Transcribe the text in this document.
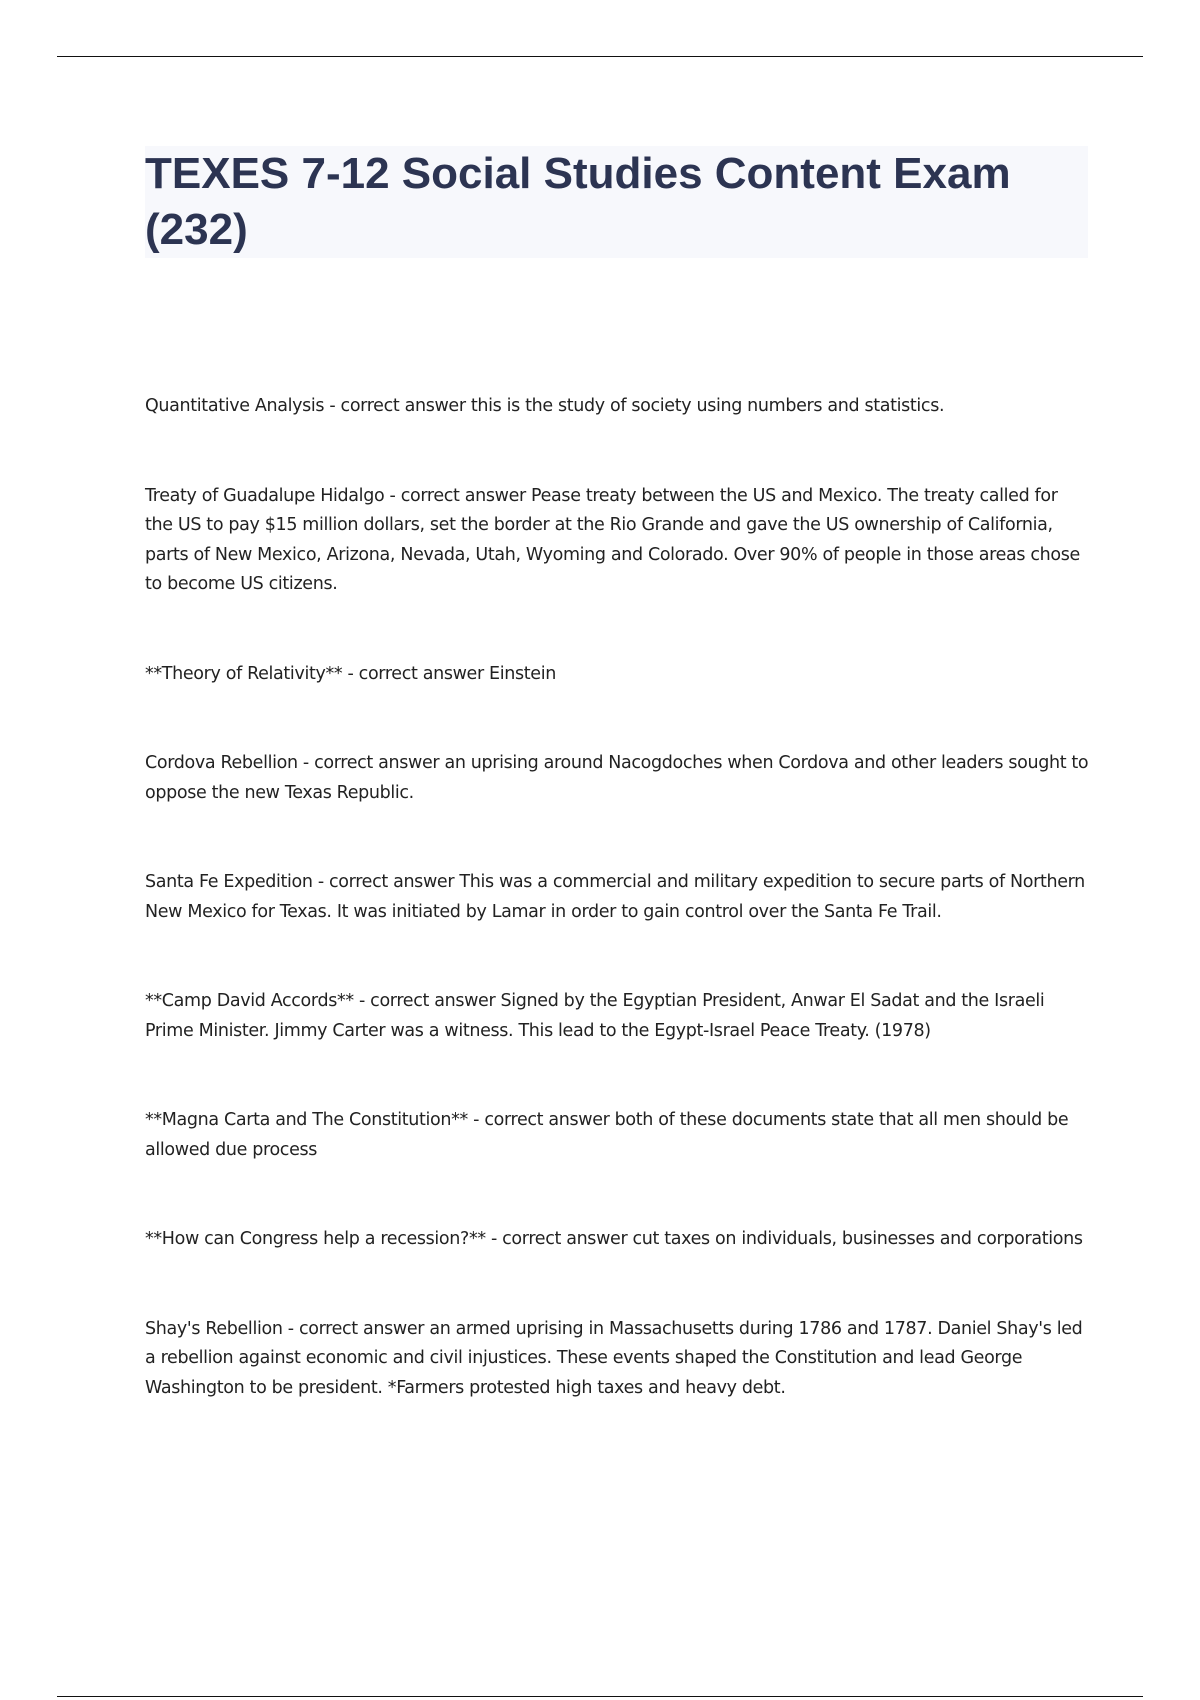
TEXES 7-12 Social Studies Content Exam (232)

Quantitative Analysis - correct answer this is the study of society using numbers and statistics.

Treaty of Guadalupe Hidalgo - correct answer Pease treaty between the US and Mexico. The treaty called for the US to pay $15 million dollars, set the border at the Rio Grande and gave the US ownership of California, parts of New Mexico, Arizona, Nevada, Utah, Wyoming and Colorado. Over 90% of people in those areas chose to become US citizens.

**Theory of Relativity** - correct answer Einstein

Cordova Rebellion - correct answer an uprising around Nacogdoches when Cordova and other leaders sought to oppose the new Texas Republic.

Santa Fe Expedition - correct answer This was a commercial and military expedition to secure parts of Northern New Mexico for Texas. It was initiated by Lamar in order to gain control over the Santa Fe Trail.

**Camp David Accords** - correct answer Signed by the Egyptian President, Anwar El Sadat and the Israeli Prime Minister. Jimmy Carter was a witness. This lead to the Egypt-Israel Peace Treaty. (1978)

**Magna Carta and The Constitution** - correct answer both of these documents state that all men should be allowed due process

**How can Congress help a recession?** - correct answer cut taxes on individuals, businesses and corporations

Shay's Rebellion - correct answer an armed uprising in Massachusetts during 1786 and 1787. Daniel Shay's led a rebellion against economic and civil injustices. These events shaped the Constitution and lead George Washington to be president. *Farmers protested high taxes and heavy debt.
